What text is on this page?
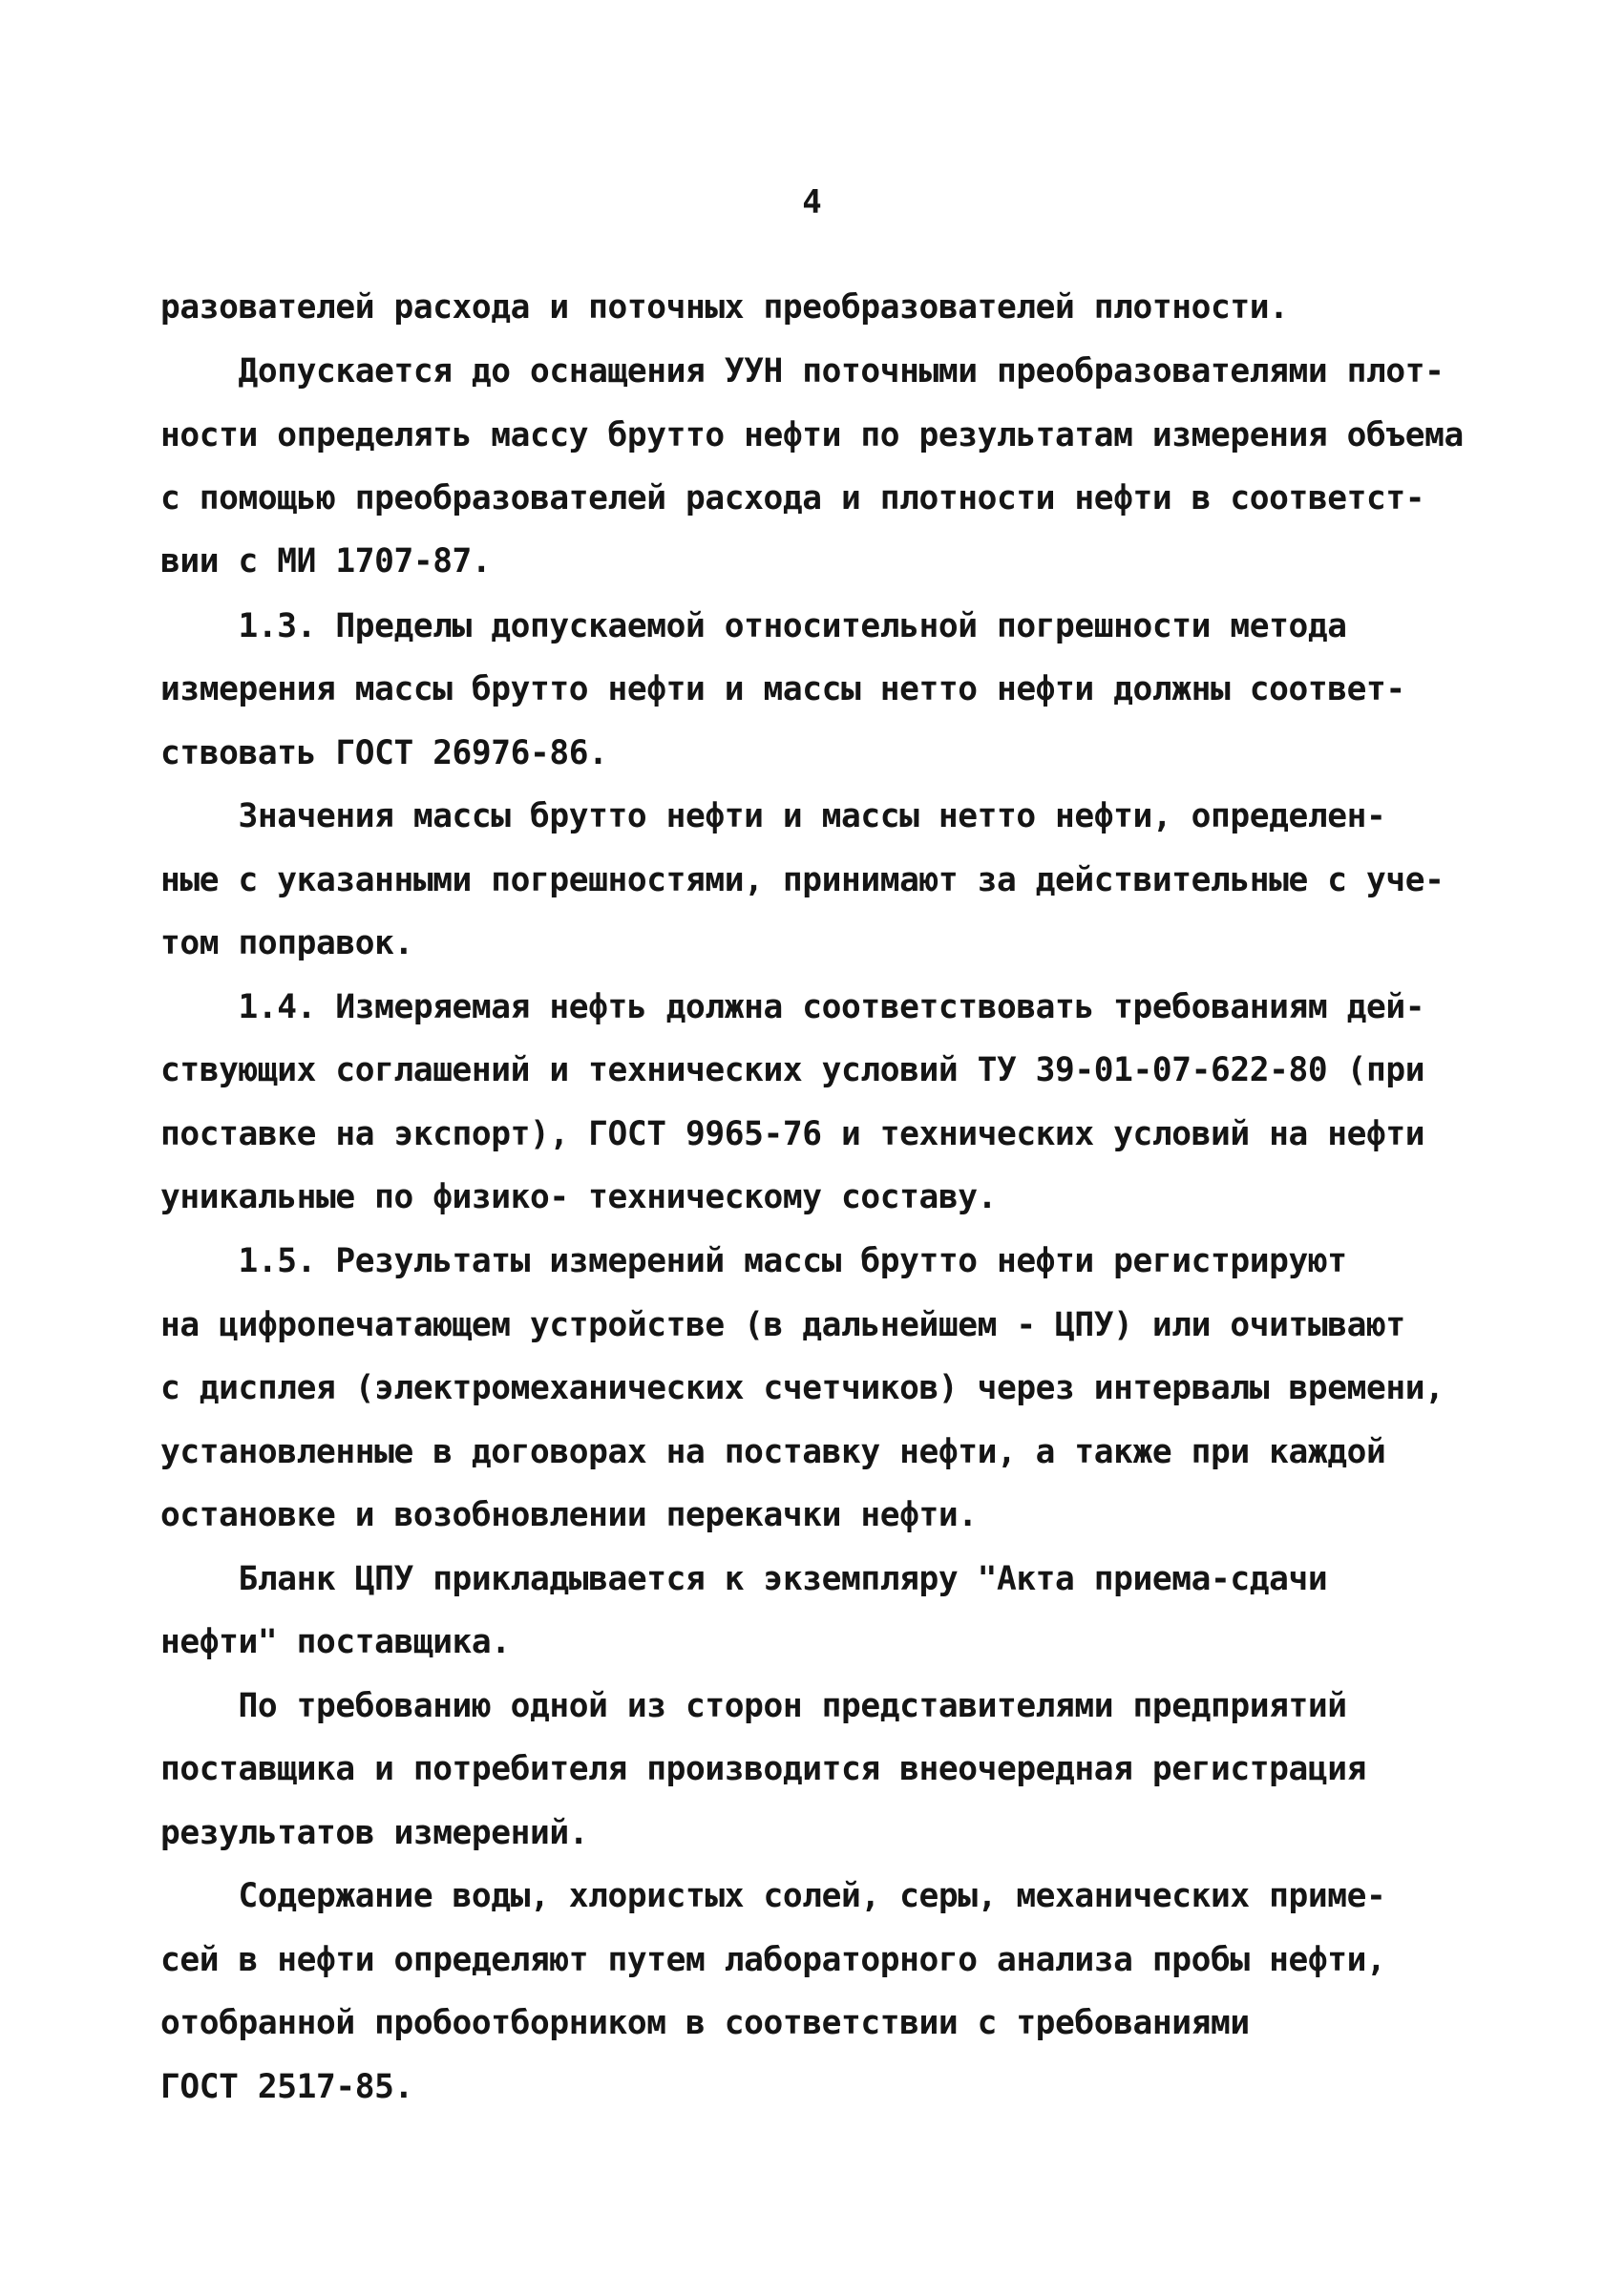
4
разователей расхода и поточных преобразователей плотности.
Допускается до оснащения УУН поточными преобразователями плот-
ности определять массу брутто нефти по результатам измерения объема
с помощью преобразователей расхода и плотности нефти в соответст-
вии с МИ 1707-87.
1.3. Пределы допускаемой относительной погрешности метода
измерения массы брутто нефти и массы нетто нефти должны соответ-
ствовать ГОСТ 26976-86.
Значения массы брутто нефти и массы нетто нефти, определен-
ные с указанными погрешностями, принимают за действительные с уче-
том поправок.
1.4. Измеряемая нефть должна соответствовать требованиям дей-
ствующих соглашений и технических условий ТУ 39-01-07-622-80 (при
поставке на экспорт), ГОСТ 9965-76 и технических условий на нефти
уникальные по физико- техническому составу.
1.5. Результаты измерений массы брутто нефти регистрируют
на цифропечатающем устройстве (в дальнейшем - ЦПУ) или очитывают
с дисплея (электромеханических счетчиков) через интервалы времени,
установленные в договорах на поставку нефти, а также при каждой
остановке и возобновлении перекачки нефти.
Бланк ЦПУ прикладывается к экземпляру "Акта приема-сдачи
нефти" поставщика.
По требованию одной из сторон представителями предприятий
поставщика и потребителя производится внеочередная регистрация
результатов измерений.
Содержание воды, хлористых солей, серы, механических приме-
сей в нефти определяют путем лабораторного анализа пробы нефти,
отобранной пробоотборником в соответствии с требованиями
ГОСТ 2517-85.
